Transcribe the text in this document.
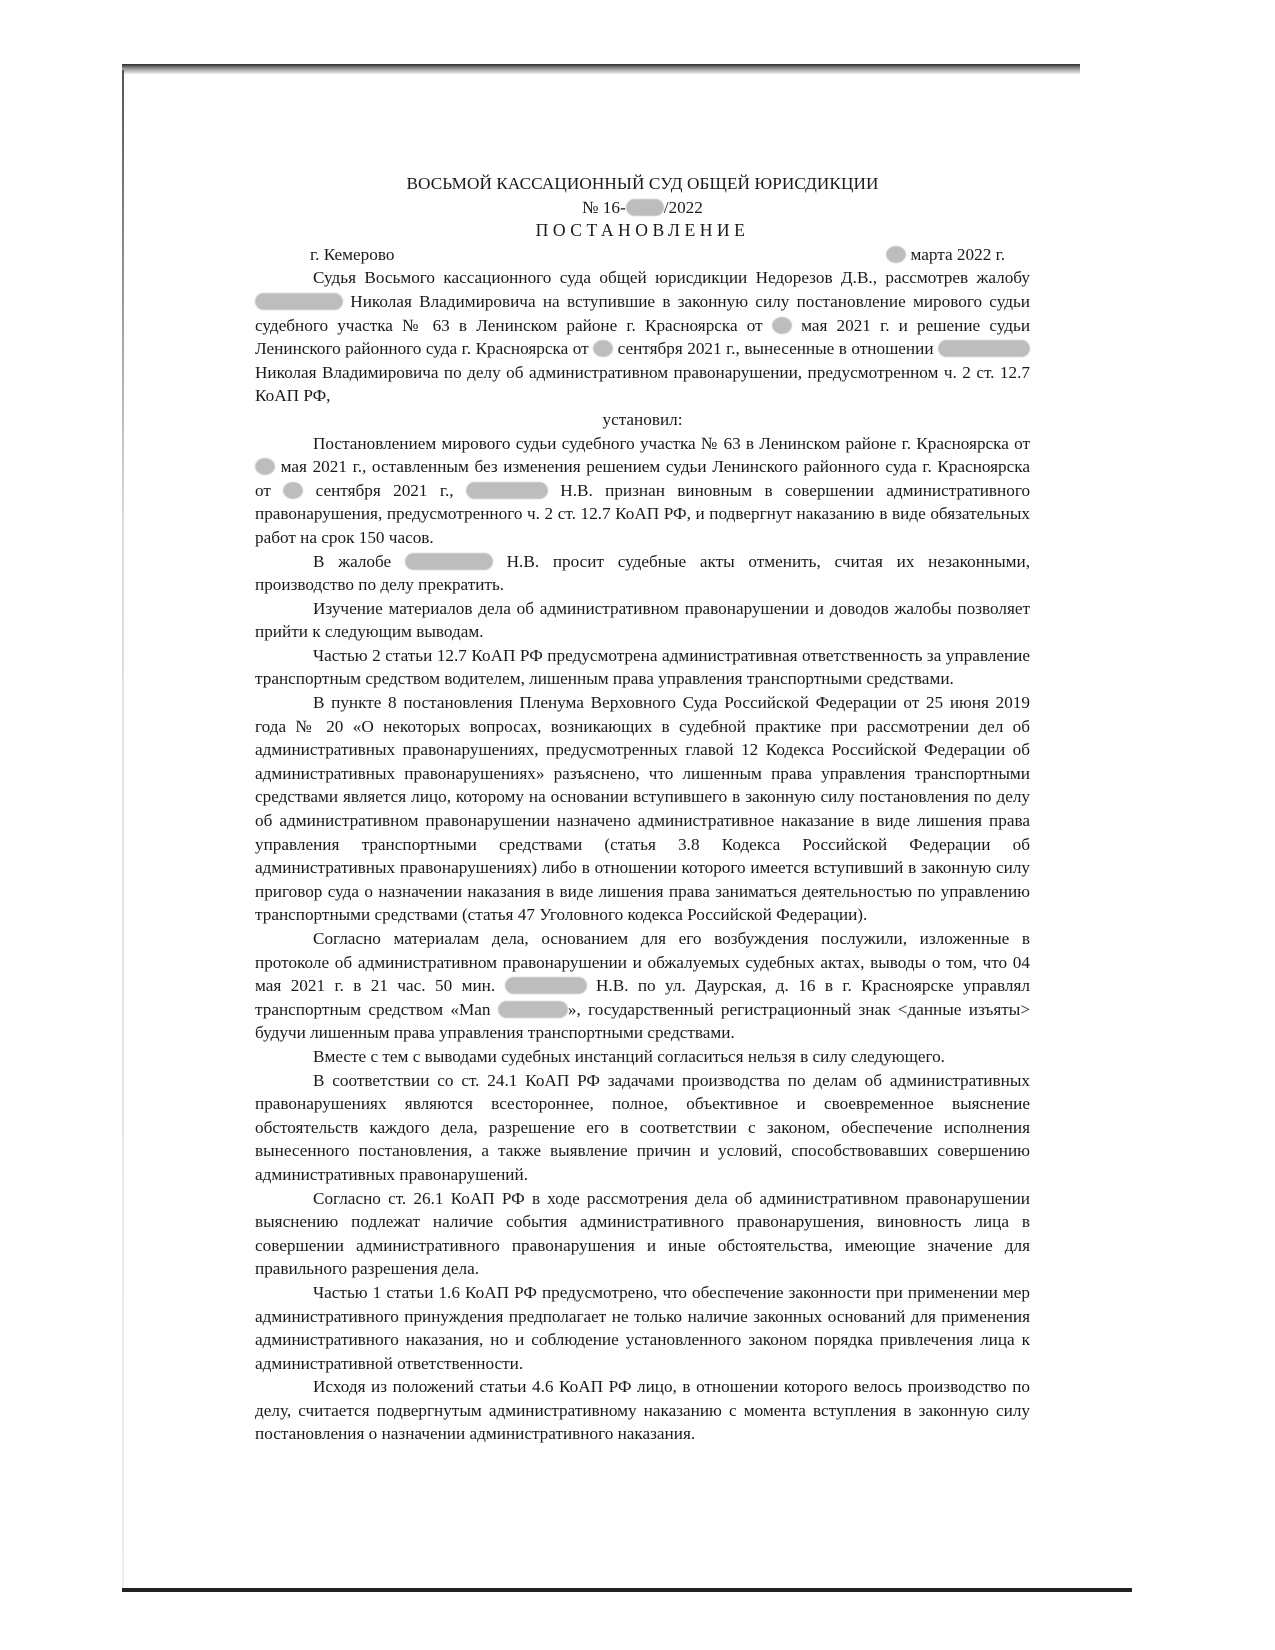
ВОСЬМОЙ КАССАЦИОННЫЙ СУД ОБЩЕЙ ЮРИСДИКЦИИ

№ 16- /2022

ПОСТАНОВЛЕНИЕ

г. Кемерово	марта 2022 г.

Судья Восьмого кассационного суда общей юрисдикции Недорезов Д.В., рассмотрев жалобу  Николая Владимировича на вступившие в законную силу постановление мирового судьи судебного участка № 63 в Ленинском районе г. Красноярска от мая 2021 г. и решение судьи Ленинского районного суда г. Красноярска от сентября 2021 г., вынесенные в отношении  Николая Владимировича по делу об административном правонарушении, предусмотренном ч. 2 ст. 12.7 КоАП РФ,

установил:

Постановлением мирового судьи судебного участка № 63 в Ленинском районе г. Красноярска от  мая 2021 г., оставленным без изменения решением судьи Ленинского районного суда г. Красноярска от	сентября 2021 г.,	Н.В. признан виновным в совершении административного правонарушения, предусмотренного ч. 2 ст. 12.7 КоАП РФ, и подвергнут наказанию в виде обязательных работ на срок 150 часов.

В жалобе	Н.В. просит судебные акты отменить, считая их незаконными, производство по делу прекратить.

Изучение материалов дела об административном правонарушении и доводов жалобы позволяет прийти к следующим выводам.

Частью 2 статьи 12.7 КоАП РФ предусмотрена административная ответственность за управление транспортным средством водителем, лишенным права управления транспортными средствами.

В пункте 8 постановления Пленума Верховного Суда Российской Федерации от 25 июня 2019 года № 20 «О некоторых вопросах, возникающих в судебной практике при рассмотрении дел об административных правонарушениях, предусмотренных главой 12 Кодекса Российской Федерации об административных правонарушениях» разъяснено, что лишенным права управления транспортными средствами является лицо, которому на основании вступившего в законную силу постановления по делу об административном правонарушении назначено административное наказание в виде лишения права управления транспортными средствами (статья 3.8 Кодекса Российской Федерации об административных правонарушениях) либо в отношении которого имеется вступивший в законную силу приговор суда о назначении наказания в виде лишения права заниматься деятельностью по управлению транспортными средствами (статья 47 Уголовного кодекса Российской Федерации).

Согласно материалам дела, основанием для его возбуждения послужили, изложенные в протоколе об административном правонарушении и обжалуемых судебных актах, выводы о том, что 04 мая 2021 г. в 21 час. 50 мин.	Н.В. по ул. Даурская, д. 16 в г. Красноярске управлял транспортным средством «Man	», государственный регистрационный знак <данные изъяты> будучи лишенным права управления транспортными средствами.

Вместе с тем с выводами судебных инстанций согласиться нельзя в силу следующего.

В соответствии со ст. 24.1 КоАП РФ задачами производства по делам об административных правонарушениях являются всестороннее, полное, объективное и своевременное выяснение обстоятельств каждого дела, разрешение его в соответствии с законом, обеспечение исполнения вынесенного постановления, а также выявление причин и условий, способствовавших совершению административных правонарушений.

Согласно ст. 26.1 КоАП РФ в ходе рассмотрения дела об административном правонарушении выяснению подлежат наличие события административного правонарушения, виновность лица в совершении административного правонарушения и иные обстоятельства, имеющие значение для правильного разрешения дела.

Частью 1 статьи 1.6 КоАП РФ предусмотрено, что обеспечение законности при применении мер административного принуждения предполагает не только наличие законных оснований для применения административного наказания, но и соблюдение установленного законом порядка привлечения лица к административной ответственности.

Исходя из положений статьи 4.6 КоАП РФ лицо, в отношении которого велось производство по делу, считается подвергнутым административному наказанию с момента вступления в законную силу постановления о назначении административного наказания.
